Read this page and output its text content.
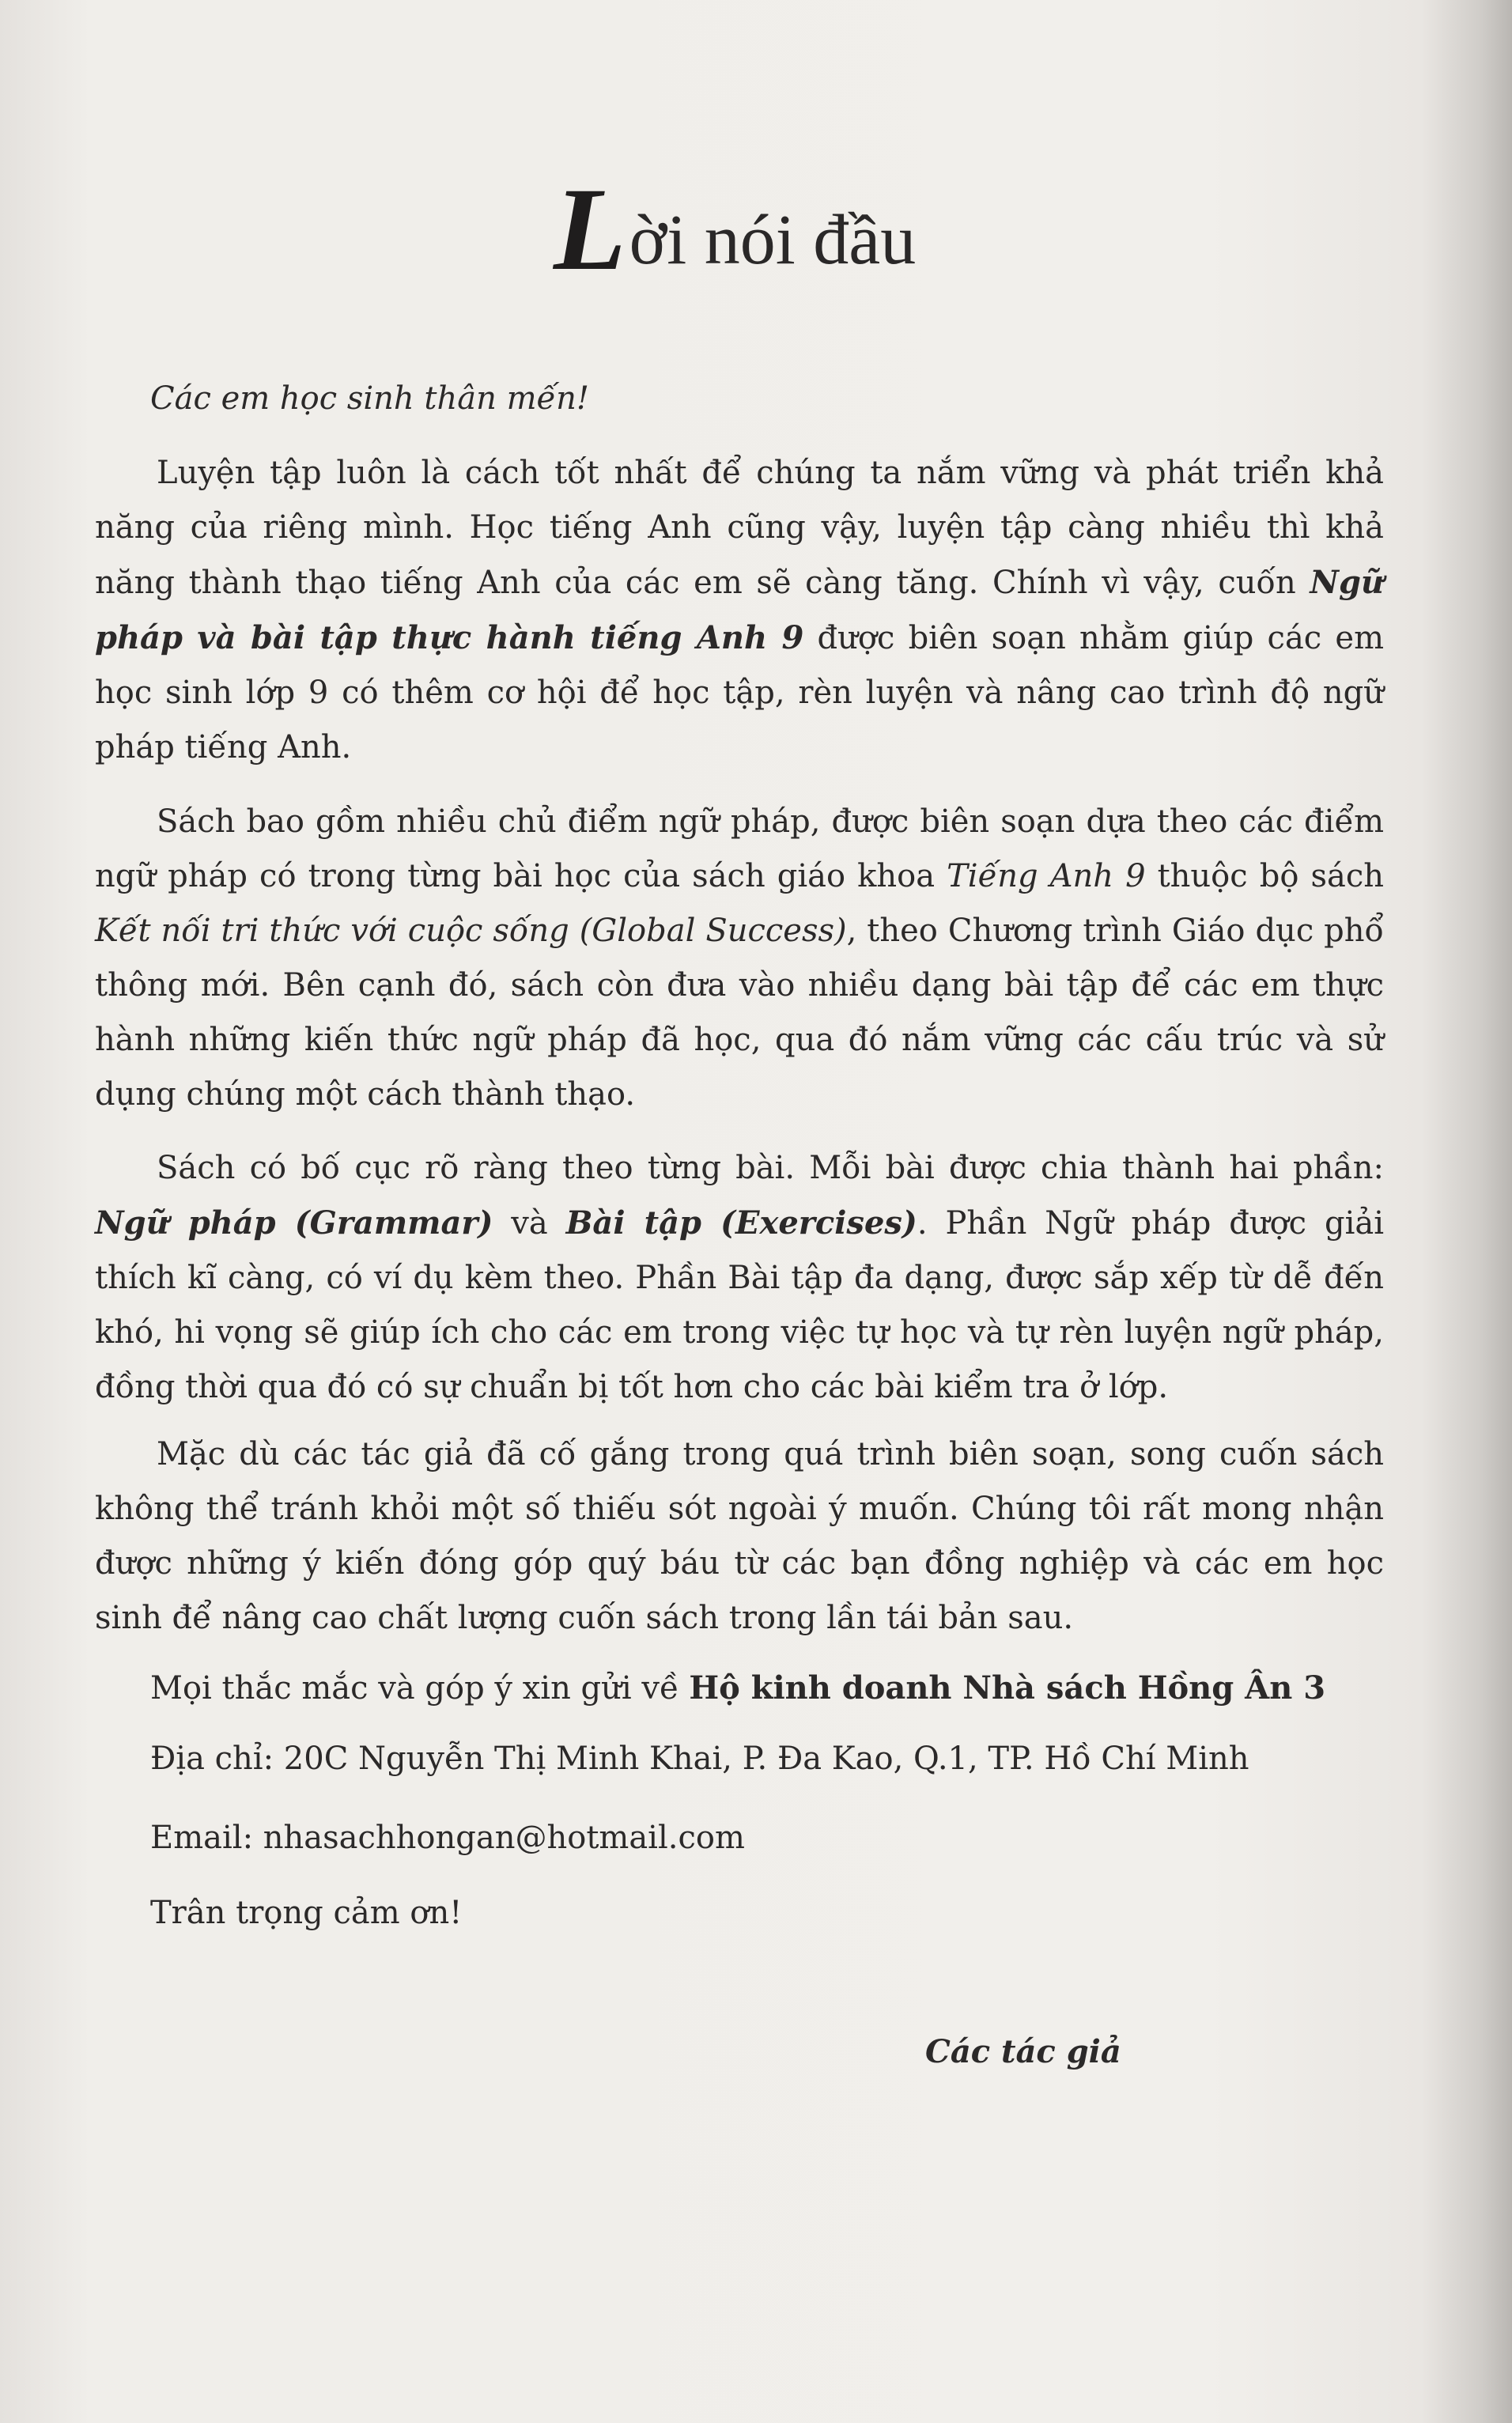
L ời nói đầu
Các em học sinh thân mến!

Luyện tập luôn là cách tốt nhất để chúng ta nắm vững và phát triển khả năng của riêng mình. Học tiếng Anh cũng vậy, luyện tập càng nhiều thì khả năng thành thạo tiếng Anh của các em sẽ càng tăng. Chính vì vậy, cuốn Ngữ pháp và bài tập thực hành tiếng Anh 9 được biên soạn nhằm giúp các em học sinh lớp 9 có thêm cơ hội để học tập, rèn luyện và nâng cao trình độ ngữ pháp tiếng Anh.

Sách bao gồm nhiều chủ điểm ngữ pháp, được biên soạn dựa theo các điểm ngữ pháp có trong từng bài học của sách giáo khoa Tiếng Anh 9 thuộc bộ sách Kết nối tri thức với cuộc sống (Global Success), theo Chương trình Giáo dục phổ thông mới. Bên cạnh đó, sách còn đưa vào nhiều dạng bài tập để các em thực hành những kiến thức ngữ pháp đã học, qua đó nắm vững các cấu trúc và sử dụng chúng một cách thành thạo.

Sách có bố cục rõ ràng theo từng bài. Mỗi bài được chia thành hai phần: Ngữ pháp (Grammar) và Bài tập (Exercises). Phần Ngữ pháp được giải thích kĩ càng, có ví dụ kèm theo. Phần Bài tập đa dạng, được sắp xếp từ dễ đến khó, hi vọng sẽ giúp ích cho các em trong việc tự học và tự rèn luyện ngữ pháp, đồng thời qua đó có sự chuẩn bị tốt hơn cho các bài kiểm tra ở lớp.

Mặc dù các tác giả đã cố gắng trong quá trình biên soạn, song cuốn sách không thể tránh khỏi một số thiếu sót ngoài ý muốn. Chúng tôi rất mong nhận được những ý kiến đóng góp quý báu từ các bạn đồng nghiệp và các em học sinh để nâng cao chất lượng cuốn sách trong lần tái bản sau.

Mọi thắc mắc và góp ý xin gửi về Hộ kinh doanh Nhà sách Hồng Ân 3
Địa chỉ: 20C Nguyễn Thị Minh Khai, P. Đa Kao, Q.1, TP. Hồ Chí Minh
Email: nhasachhongan@hotmail.com
Trân trọng cảm ơn!
Các tác giả
